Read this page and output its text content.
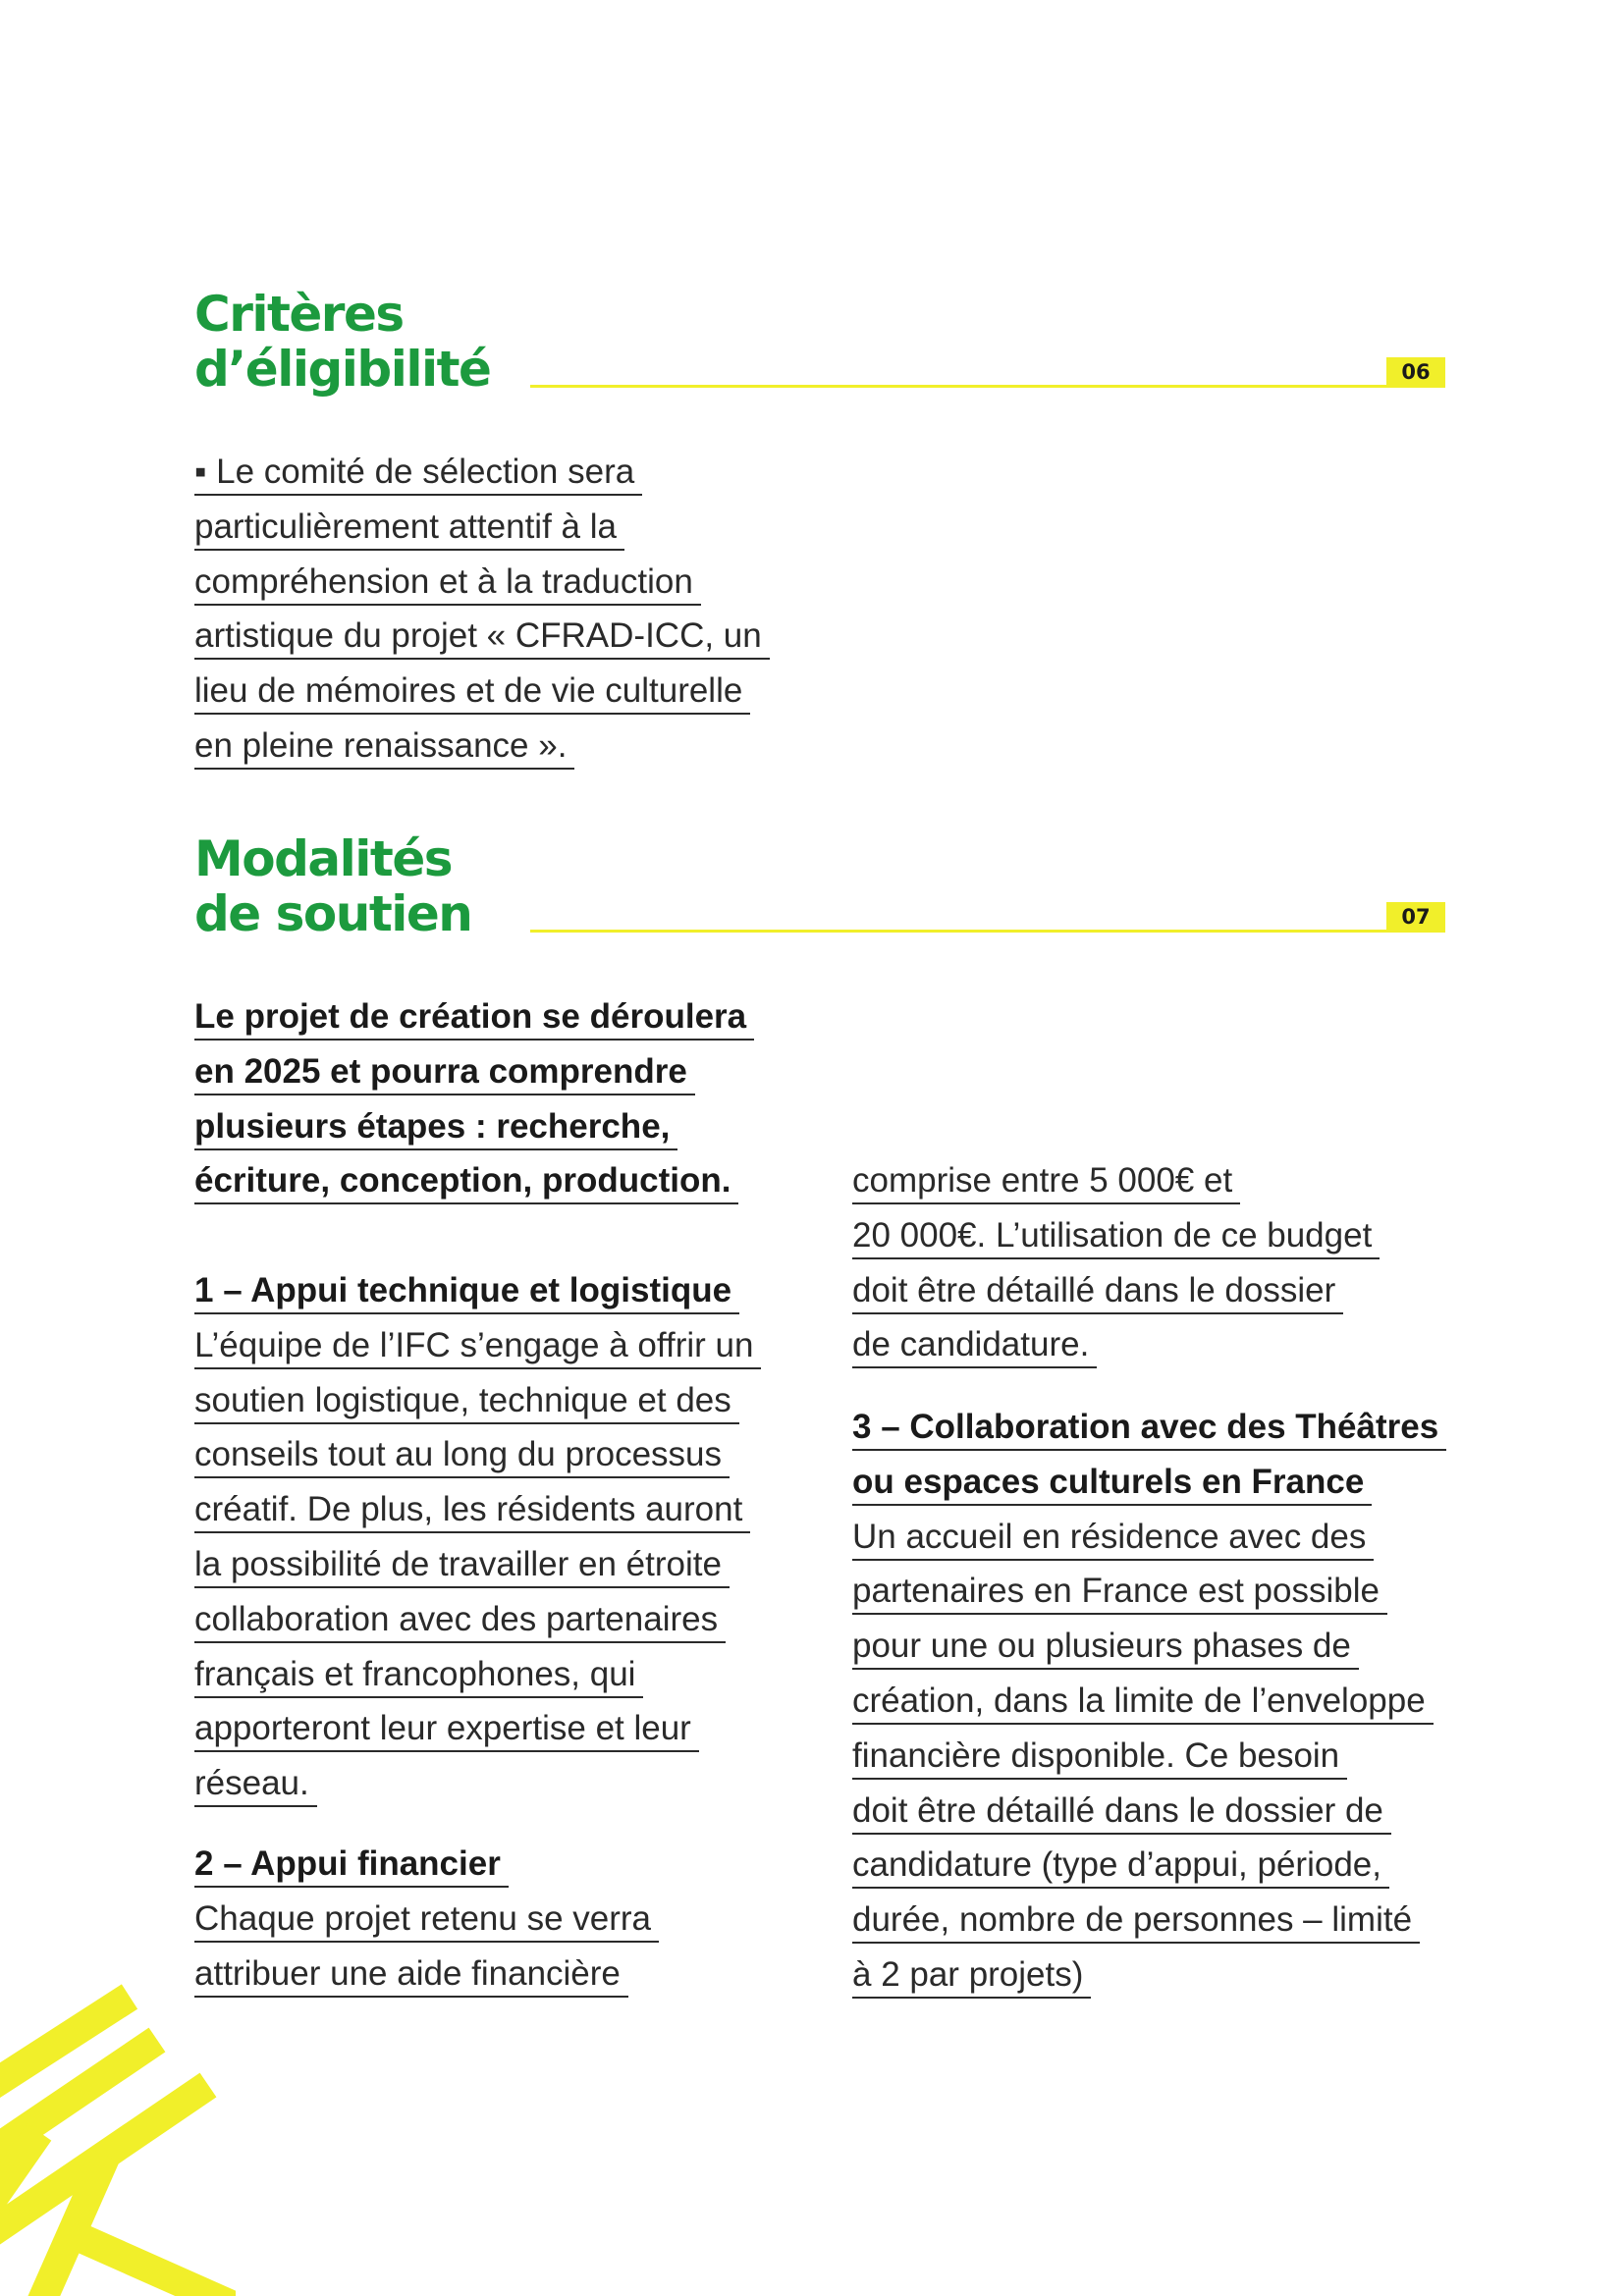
Critères
d’éligibilité	06
▪ Le comité de sélection sera
particulièrement attentif à la
compréhension et à la traduction
artistique du projet « CFRAD-ICC, un
lieu de mémoires et de vie culturelle
en pleine renaissance ».
Modalités
de soutien	07
Le projet de création se déroulera
en 2025 et pourra comprendre
plusieurs étapes : recherche,
écriture, conception, production.
1 – Appui technique et logistique
L’équipe de l’IFC s’engage à offrir un
soutien logistique, technique et des
conseils tout au long du processus
créatif. De plus, les résidents auront
la possibilité de travailler en étroite
collaboration avec des partenaires
français et francophones, qui
apporteront leur expertise et leur
réseau.
2 – Appui financier
Chaque projet retenu se verra
attribuer une aide financière
comprise entre 5 000€ et
20 000€. L’utilisation de ce budget
doit être détaillé dans le dossier
de candidature.
3 – Collaboration avec des Théâtres
ou espaces culturels en France
Un accueil en résidence avec des
partenaires en France est possible
pour une ou plusieurs phases de
création, dans la limite de l’enveloppe
financière disponible. Ce besoin
doit être détaillé dans le dossier de
candidature (type d’appui, période,
durée, nombre de personnes – limité
à 2 par projets)
